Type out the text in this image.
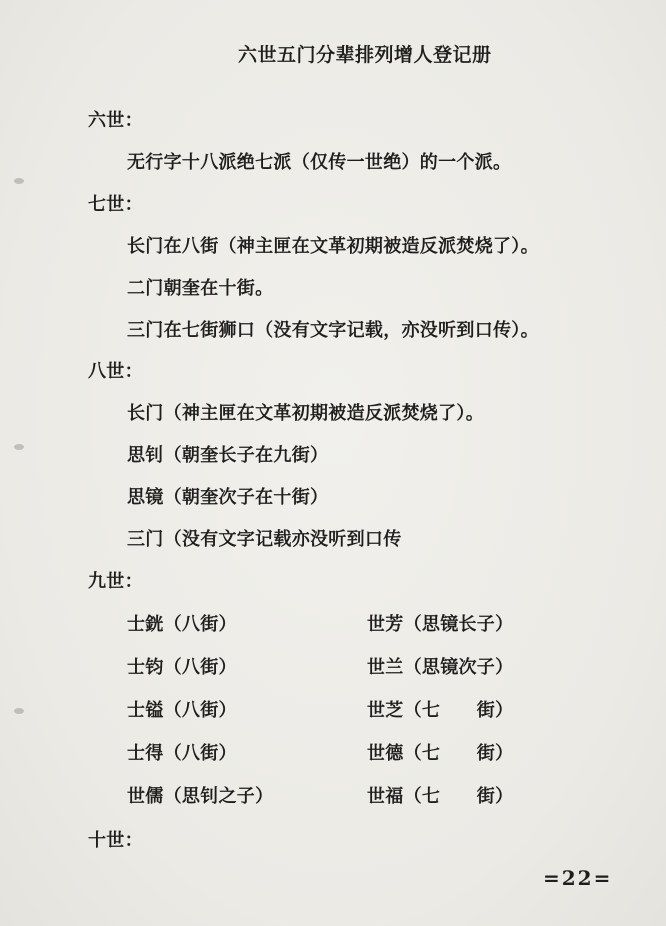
六世五门分辈排列增人登记册
六世：
无行字十八派绝七派（仅传一世绝）的一个派。
七世：
长门在八街（神主匣在文革初期被造反派焚烧了）。
二门朝奎在十街。
三门在七街狮口（没有文字记载，亦没听到口传）。
八世：
长门（神主匣在文革初期被造反派焚烧了）。
思钊（朝奎长子在九街）
思镜（朝奎次子在十街）
三门（没有文字记载亦没听到口传
九世：
士銧（八街）	世芳（思镜长子）
士钧（八街）	世兰（思镜次子）
士镒（八街）	世芝（七　　街）
士得（八街）	世德（七　　街）
世儒（思钊之子）	世福（七　　街）
十世：
=22=
